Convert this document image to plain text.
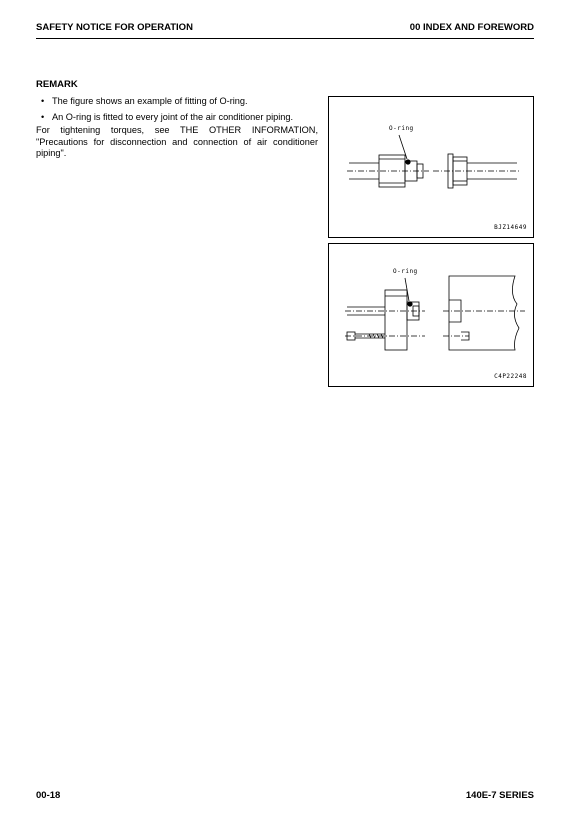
SAFETY NOTICE FOR OPERATION	00 INDEX AND FOREWORD
REMARK
• The figure shows an example of fitting of O-ring.
• An O-ring is fitted to every joint of the air conditioner piping.
For tightening torques, see THE OTHER INFORMATION, "Precautions for disconnection and connection of air conditioner piping".
O-ring
BJZ14649
O-ring
C4P22248
00-18	140E-7 SERIES
